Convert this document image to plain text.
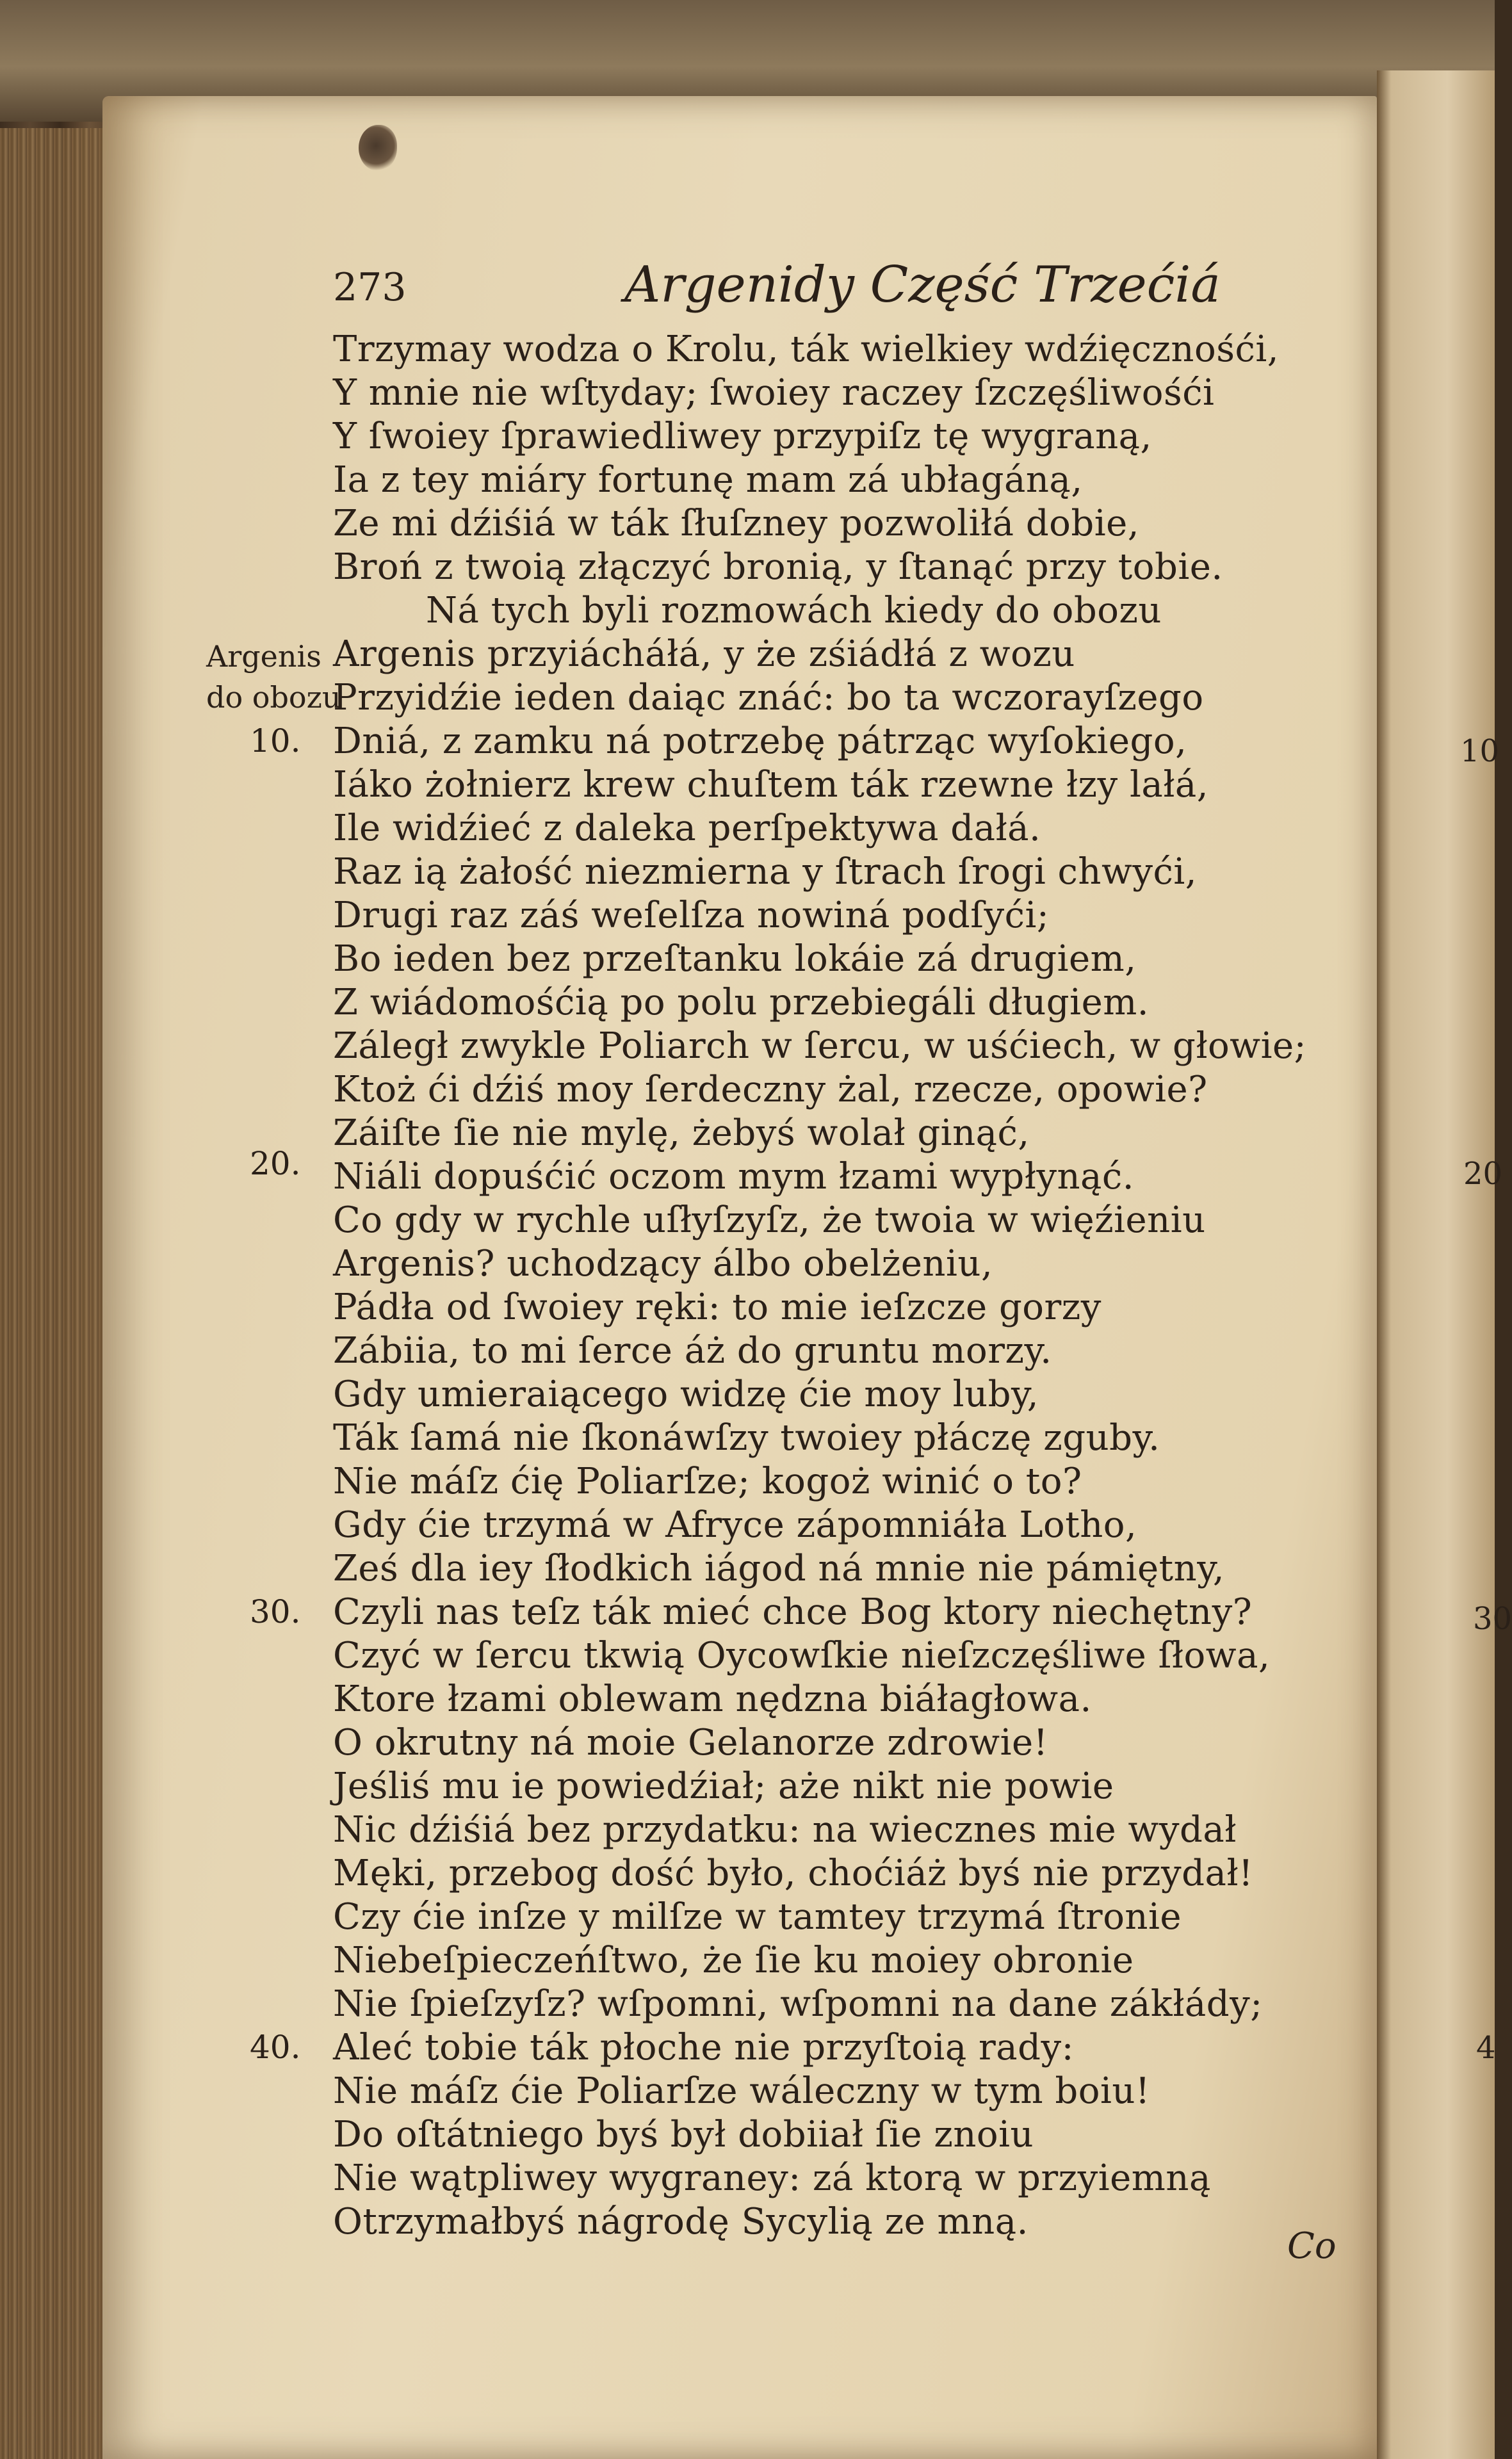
273	Argenidy Część Trzećiá
Trzymay wodza o Krolu, ták wielkiey wdźięcznośći,
Y mnie nie wſtyday; ſwoiey raczey ſzczęśliwośći
Y ſwoiey ſprawiedliwey przypiſz tę wygraną,
Ia z tey miáry fortunę mam zá ubłagáną,
Ze mi dźiśiá w ták ſłuſzney pozwoliłá dobie,
Broń z twoią złączyć bronią, y ſtanąć przy tobie.
Ná tych byli rozmowách kiedy do obozu
Argenis przyiácháłá, y że zśiádłá z wozu
Przyidźie ieden daiąc znáć: bo ta wczorayſzego
Dniá, z zamku ná potrzebę pátrząc wyſokiego,
Iáko żołnierz krew chuſtem ták rzewne łzy lałá,
Ile widźieć z daleka perſpektywa dałá.
Raz ią żałość niezmierna y ſtrach ſrogi chwyći,
Drugi raz záś weſelſza nowiná podſyći;
Bo ieden bez przeſtanku lokáie zá drugiem,
Z wiádomośćią po polu przebiegáli długiem.
Záległ zwykle Poliarch w ſercu, w uśćiech, w głowie;
Ktoż ći dźiś moy ſerdeczny żal, rzecze, opowie?
Záiſte ſie nie mylę, żebyś wolał ginąć,
Niáli dopuśćić oczom mym łzami wypłynąć.
Co gdy w rychle uſłyſzyſz, że twoia w więźieniu
Argenis? uchodzący álbo obelżeniu,
Pádła od ſwoiey ręki: to mie ieſzcze gorzy
Zábiia, to mi ſerce áż do gruntu morzy.
Gdy umieraiącego widzę ćie moy luby,
Ták ſamá nie ſkonáwſzy twoiey płáczę zguby.
Nie máſz ćię Poliarſze; kogoż winić o to?
Gdy ćie trzymá w Afryce zápomniáła Lotho,
Ześ dla iey ſłodkich iágod ná mnie nie pámiętny,
Czyli nas teſz ták mieć chce Bog ktory niechętny?
Czyć w ſercu tkwią Oycowſkie nieſzczęśliwe ſłowa,
Ktore łzami oblewam nędzna biáłagłowa.
O okrutny ná moie Gelanorze zdrowie!
Jeśliś mu ie powiedźiał; aże nikt nie powie
Nic dźiśiá bez przydatku: na wiecznes mie wydał
Męki, przebog dość było, choćiáż byś nie przydał!
Czy ćie inſze y milſze w tamtey trzymá ſtronie
Niebeſpieczeńſtwo, że ſie ku moiey obronie
Nie ſpieſzyſz? wſpomni, wſpomni na dane zákłády;
Aleć tobie ták płoche nie przyſtoią rady:
Nie máſz ćie Poliarſze wáleczny w tym boiu!
Do oſtátniego byś był dobiiał ſie znoiu
Nie wątpliwey wygraney: zá ktorą w przyiemną
Otrzymałbyś nágrodę Sycylią ze mną.
Argenis
do obozu
10.
20.
30.
40.
Co
10
20
30
4
